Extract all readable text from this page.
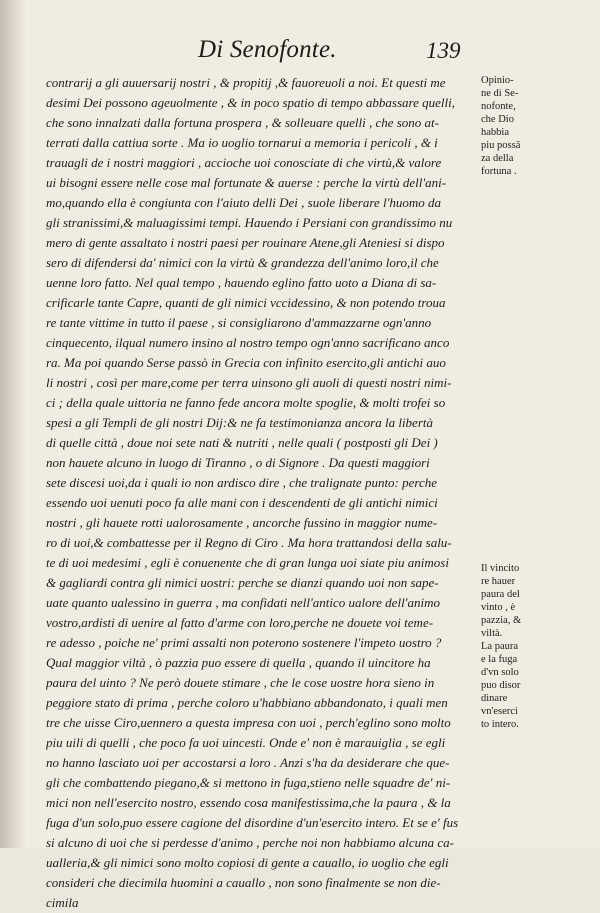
Di Senofonte.	139
contrarij a gli auuersarij nostri , & propitij ,& fauoreuoli a noi. Et questi me
desimi Dei possono ageuolmente , & in poco spatio di tempo abbassare quelli,
che sono innalzati dalla fortuna prospera , & solleuare quelli , che sono at-
terrati dalla cattiua sorte . Ma io uoglio tornarui a memoria i pericoli , & i
trauagli de i nostri maggiori , accioche uoi conosciate di che virtù,& valore
ui bisogni essere nelle cose mal fortunate & auerse : perche la virtù dell'ani-
mo,quando ella è congiunta con l'aiuto delli Dei , suole liberare l'huomo da
gli stranissimi,& maluagissimi tempi. Hauendo i Persiani con grandissimo nu
mero di gente assaltato i nostri paesi per rouinare Atene,gli Ateniesi si dispo
sero di difendersi da' nimici con la virtù & grandezza dell'animo loro,il che
uenne loro fatto. Nel qual tempo , hauendo eglino fatto uoto a Diana di sa-
crificarle tante Capre, quanti de gli nimici vccidessino, & non potendo troua
re tante vittime in tutto il paese , si consigliarono d'ammazzarne ogn'anno
cinquecento, ilqual numero insino al nostro tempo ogn'anno sacrificano anco
ra. Ma poi quando Serse passò in Grecia con infinito esercito,gli antichi auo
li nostri , così per mare,come per terra uinsono gli auoli di questi nostri nimi-
ci ; della quale uittoria ne fanno fede ancora molte spoglie, & molti trofei so
spesi a gli Templi de gli nostri Dij:& ne fa testimonianza ancora la libertà
di quelle città , doue noi sete nati & nutriti , nelle quali ( postposti gli Dei )
non hauete alcuno in luogo di Tiranno , o di Signore . Da questi maggiori
sete discesi uoi,da i quali io non ardisco dire , che tralignate punto: perche
essendo uoi uenuti poco fa alle mani con i descendenti de gli antichi nimici
nostri , gli hauete rotti ualorosamente , ancorche fussino in maggior nume-
ro di uoi,& combattesse per il Regno di Ciro . Ma hora trattandosi della salu-
te di uoi medesimi , egli è conuenente che di gran lunga uoi siate piu animosi
& gagliardi contra gli nimici uostri: perche se dianzi quando uoi non sape-
uate quanto ualessino in guerra , ma confidati nell'antico ualore dell'animo
vostro,ardisti di uenire al fatto d'arme con loro,perche ne douete voi teme-
re adesso , poiche ne' primi assalti non poterono sostenere l'impeto uostro ?
Qual maggior viltà , ò pazzia puo essere di quella , quando il uincitore ha
paura del uinto ? Ne però douete stimare , che le cose uostre hora sieno in
peggiore stato di prima , perche coloro u'habbiano abbandonato, i quali men
tre che uisse Ciro,uennero a questa impresa con uoi , perch'eglino sono molto
piu uili di quelli , che poco fa uoi uincesti. Onde e' non è marauiglia , se egli
no hanno lasciato uoi per accostarsi a loro . Anzi s'ha da desiderare che que-
gli che combattendo piegano,& si mettono in fuga,stieno nelle squadre de' ni-
mici non nell'esercito nostro, essendo cosa manifestissima,che la paura , & la
fuga d'un solo,puo essere cagione del disordine d'un'esercito intero. Et se e' fus
si alcuno di uoi che si perdesse d'animo , perche noi non habbiamo alcuna ca-
ualleria,& gli nimici sono molto copiosi di gente a cauallo, io uoglio che egli
consideri che diecimila huomini a cauallo , non sono finalmente se non die-
cimila
Opinio-
ne di Se-
nofonte,
che Dio
habbia
piu possā
za della
fortuna .
Il vincito
re hauer
paura del
vinto , è
pazzia, &
viltà.
La paura
e la fuga
d'vn solo
puo disor
dinare
vn'eserci
to intero.
